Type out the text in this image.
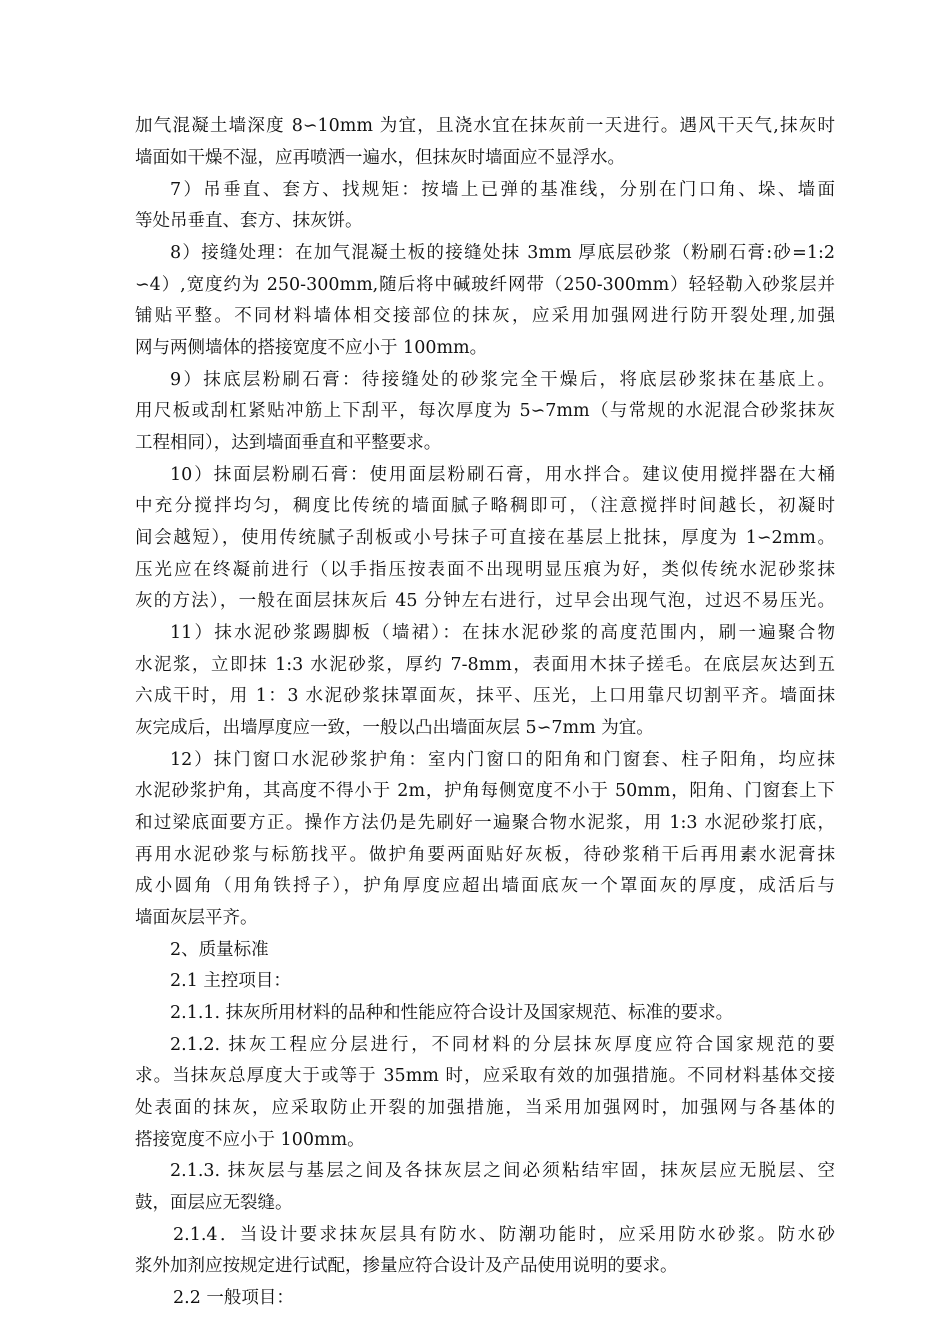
加气混凝土墙深度 8∽10mm 为宜，且浇水宜在抹灰前一天进行。遇风干天气,抹灰时
墙面如干燥不湿，应再喷洒一遍水，但抹灰时墙面应不显浮水。
7）吊垂直、套方、找规矩：按墙上已弹的基准线，分别在门口角、垛、墙面
等处吊垂直、套方、抹灰饼。
8）接缝处理：在加气混凝土板的接缝处抹 3mm 厚底层砂浆（粉刷石膏:砂=1:2
∽4）,宽度约为 250-300mm,随后将中碱玻纤网带（250-300mm）轻轻勒入砂浆层并
铺贴平整。不同材料墙体相交接部位的抹灰，应采用加强网进行防开裂处理,加强
网与两侧墙体的搭接宽度不应小于 100mm。
9）抹底层粉刷石膏：待接缝处的砂浆完全干燥后，将底层砂浆抹在基底上。
用尺板或刮杠紧贴冲筋上下刮平，每次厚度为 5∽7mm（与常规的水泥混合砂浆抹灰
工程相同），达到墙面垂直和平整要求。
10）抹面层粉刷石膏：使用面层粉刷石膏，用水拌合。建议使用搅拌器在大桶
中充分搅拌均匀，稠度比传统的墙面腻子略稠即可，（注意搅拌时间越长，初凝时
间会越短），使用传统腻子刮板或小号抹子可直接在基层上批抹，厚度为 1∽2mm。
压光应在终凝前进行（以手指压按表面不出现明显压痕为好，类似传统水泥砂浆抹
灰的方法），一般在面层抹灰后 45 分钟左右进行，过早会出现气泡，过迟不易压光。
11）抹水泥砂浆踢脚板（墙裙）：在抹水泥砂浆的高度范围内，刷一遍聚合物
水泥浆，立即抹 1:3 水泥砂浆，厚约 7-8mm，表面用木抹子搓毛。在底层灰达到五
六成干时，用 1：3 水泥砂浆抹罩面灰，抹平、压光，上口用靠尺切割平齐。墙面抹
灰完成后，出墙厚度应一致，一般以凸出墙面灰层 5∽7mm 为宜。
12）抹门窗口水泥砂浆护角：室内门窗口的阳角和门窗套、柱子阳角，均应抹
水泥砂浆护角，其高度不得小于 2m，护角每侧宽度不小于 50mm，阳角、门窗套上下
和过梁底面要方正。操作方法仍是先刷好一遍聚合物水泥浆，用 1:3 水泥砂浆打底，
再用水泥砂浆与标筋找平。做护角要两面贴好灰板，待砂浆稍干后再用素水泥膏抹
成小圆角（用角铁捋子），护角厚度应超出墙面底灰一个罩面灰的厚度，成活后与
墙面灰层平齐。
2、质量标准
2.1 主控项目：
2.1.1. 抹灰所用材料的品种和性能应符合设计及国家规范、标准的要求。
2.1.2. 抹灰工程应分层进行，不同材料的分层抹灰厚度应符合国家规范的要
求。当抹灰总厚度大于或等于 35mm 时，应采取有效的加强措施。不同材料基体交接
处表面的抹灰，应采取防止开裂的加强措施，当采用加强网时，加强网与各基体的
搭接宽度不应小于 100mm。
2.1.3. 抹灰层与基层之间及各抹灰层之间必须粘结牢固，抹灰层应无脱层、空
鼓，面层应无裂缝。
2.1.4．当设计要求抹灰层具有防水、防潮功能时，应采用防水砂浆。防水砂
浆外加剂应按规定进行试配，掺量应符合设计及产品使用说明的要求。
2.2 一般项目：
